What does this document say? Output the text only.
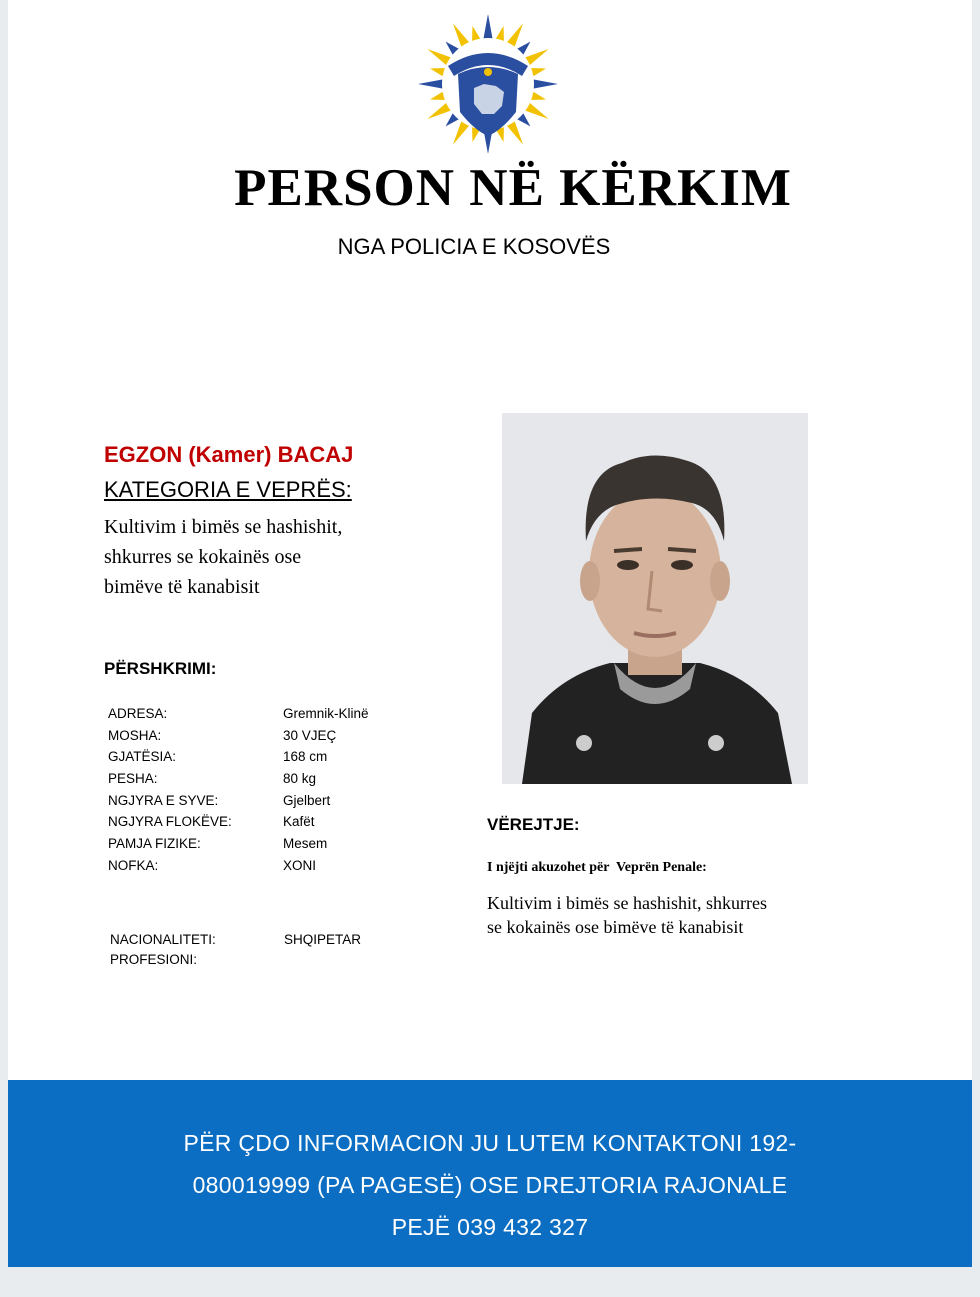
PERSON NË KËRKIM
NGA POLICIA E KOSOVËS
EGZON (Kamer) BACAJ
KATEGORIA E VEPRËS:
Kultivim i bimës se hashishit,
shkurres se kokainës ose
bimëve të kanabisit
PËRSHKRIMI:
ADRESA:	Gremnik-Klinë
MOSHA:	30 VJEÇ
GJATËSIA:	168 cm
PESHA:	80 kg
NGJYRA E SYVE:	Gjelbert
NGJYRA FLOKËVE:	Kafët
PAMJA FIZIKE:	Mesem
NOFKA:	XONI
NACIONALITETI:	SHQIPETAR
PROFESIONI:
VËREJTJE:
I njëjti akuzohet për  Veprën Penale:
Kultivim i bimës se hashishit, shkurres
se kokainës ose bimëve të kanabisit
PËR ÇDO INFORMACION JU LUTEM KONTAKTONI 192-
080019999 (PA PAGESË) OSE DREJTORIA RAJONALE
PEJË 039 432 327
